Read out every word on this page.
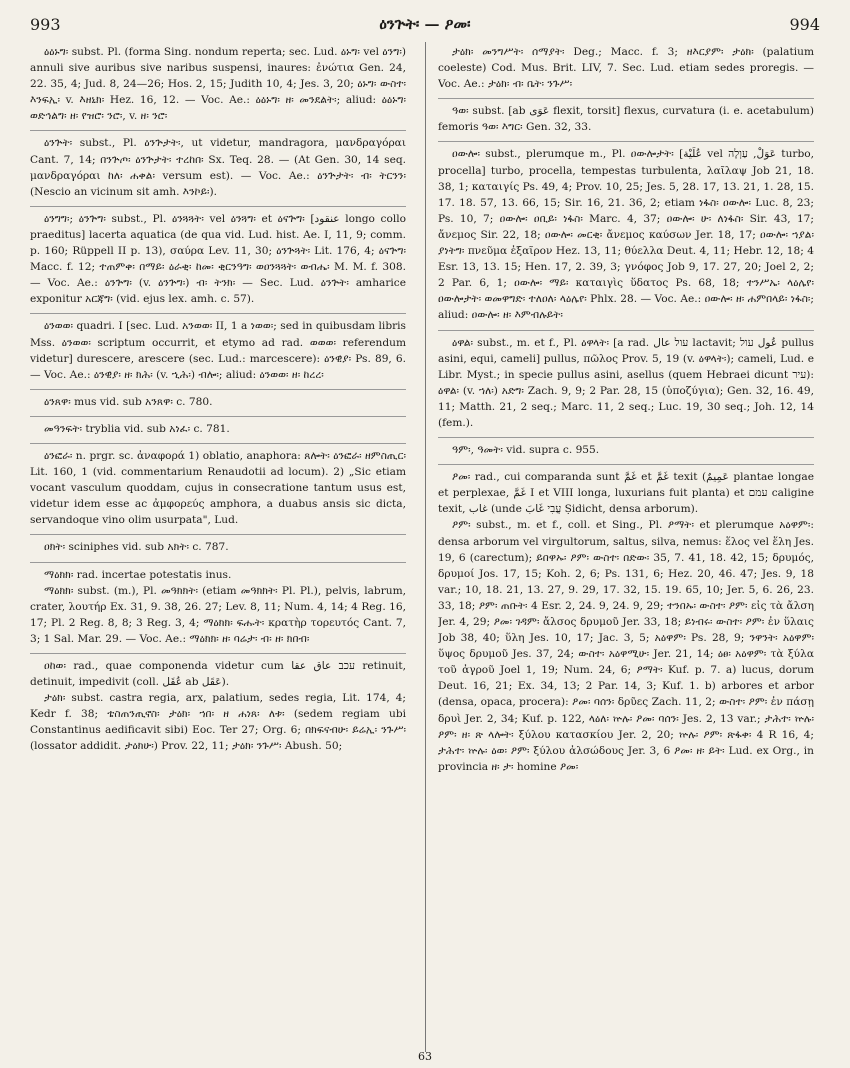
993	ዕንጕት፡ — ዖመ፡	994

ዕዕኑግ፡ subst. Pl. (forma Sing. nondum reperta; sec. Lud. ዕኑግ፡ vel ዕንግ፡) annuli sive auribus sive naribus suspensi, inaures: ἐνώτια Gen. 24, 22. 35, 4; Jud. 8, 24—26; Hos. 2, 15; Judith 10, 4; Jes. 3, 20; ዕኑግ፡ ውስተ፡ እንፍኢ፡ v. እዘኒክ፡ Hez. 16, 12. — Voc. Ae.: ዕዕኑግ፡ ዘ፡ መንደልት፡; aliud: ዕዕኑግ፡ ወድኅልግ፡ ዘ፡ የዝሮ፡ ንሮ፡, v. ዘ፡ ንሮ፡

ዕንጕት፡ subst., Pl. ዕንጕታት፡, ut videtur, mandragora, μανδραγόραι Cant. 7, 14; በንጕጦ፡ ዕንጕታት፡ ተረከበ፡ Sx. Teq. 28. — (At Gen. 30, 14 seq. μανδραγόραι ከለ፡ ሐቀል፡ versum est). — Voc. Ae.: ዕንጕታት፡ ብ፡ ትርንን፡ (Nescio an vicinum sit amh. እንኮይ፡).

ዕንግግ፡; ዕንጕግ፡ subst., Pl. ዕንጓጓት፡ vel ዕንጓግ፡ et ዕናጕግ፡ [عنقود longo collo praeditus] lacerta aquatica (de qua vid. Lud. hist. Ae. I, 11, 9; comm. p. 160; Rüppell II p. 13), σαύρα Lev. 11, 30; ዕንጕጓት፡ Lit. 176, 4; ዕናጕግ፡ Macc. f. 12; ተጠምቀ፡ በማይ፡ ዕራቂ፡ ከመ፡ ቂርንዓግ፡ ወዐንጓጓት፡ ወብሔ፡ M. M. f. 308. — Voc. Ae.: ዕንጕግ፡ (v. ዕንጕግ፡) ብ፡ ትንክ፡ — Sec. Lud. ዕንጕት፡ amharice exponitur አርጃግ፡ (vid. ejus lex. amh. c. 57).

ዕንወወ፡ quadri. I [sec. Lud. አንወወ፡ II, 1 a ነወወ፡; sed in quibusdam libris Mss. ዕንወወ፡ scriptum occurrit, et etymo ad rad. ወወወ፡ referendum videtur] durescere, arescere (sec. Lud.: marcescere): ዕንዊያ፡ Ps. 89, 6. — Voc. Ae.: ዕንዊያ፡ ዘ፡ ክሕ፡ (v. ኂሕ፡) ብሎ፡; aliud: ዕንወወ፡ ዘ፡ ከረረ፡

ዕንጸዋ፡ mus vid. sub አንጸዋ፡ c. 780.

መዓንፍት፡ tryblia vid. sub አነፈ፡ c. 781.

ዕንፎራ፡ n. prgr. sc. ἀναφορά 1) oblatio, anaphora: ጸሎት፡ ዕንፎራ፡ ዘምስጢር፡ Lit. 160, 1 (vid. commentarium Renaudotii ad locum). 2) „Sic etiam vocant vasculum quoddam, cujus in consecratione tantum usus est, videtur idem esse ac ἀμφορεύς amphora, a duabus ansis sic dicta, servandoque vino olim usurpata", Lud.

ዐክት፡ sciniphes vid. sub አክት፡ c. 787.

ማዕክክ፡ rad. incertae potestatis inus.

ማዕክክ፡ subst. (m.), Pl. መዓክክት፡ (etiam መዓክክት፡ Pl. Pl.), pelvis, labrum, crater, λουτήρ Ex. 31, 9. 38, 26. 27; Lev. 8, 11; Num. 4, 14; 4 Reg. 16, 17; Pl. 2 Reg. 8, 8; 3 Reg. 3, 4; ማዕክክ፡ ፍሑት፡ κρατὴρ τορευτός Cant. 7, 3; 1 Sal. Mar. 29. — Voc. Ae.: ማዕክክ፡ ዘ፡ ባሬታ፡ ብ፡ ዘ፡ ክበብ፡

ዐከወ፡ rad., quae componenda videtur cum עכב عاق عقا retinuit, detinuit, impedivit (coll. عُقَل ab عَقَل).

ታዕክ፡ subst. castra regia, arx, palatium, sedes regia, Lit. 174, 4; Kedr f. 38; ቴስጠንጢኖስ፡ ታዕክ፡ ኀበ፡ ዘ ሐነጸ፡ ለቱ፡ (sedem regiam ubi Constantinus aedificavit sibi) Eoc. Ter 27; Org. 6; በክፍናብሁ፡ ይሬኢ፡ ንጉሥ፡ (lossator addidit. ታዕክሁ፡) Prov. 22, 11; ታዕክ፡ ንጉሥ፡ Abush. 50;

ታዕክ፡ መንግሥት፡ ሰማያት፡ Deg.; Macc. f. 3; ዘእርያም፡ ታዕክ፡ (palatium coeleste) Cod. Mus. Brit. LIV, 7. Sec. Lud. etiam sedes proregis. — Voc. Ae.: ታዕክ፡ ብ፡ ቤት፡ ንጉሥ፡

ዓወ፡ subst. [ab عَوَى flexit, torsit] flexus, curvatura (i. e. acetabulum) femoris ዓወ፡ እግር፡ Gen. 32, 33.

ዐውሎ፡ subst., plerumque m., Pl. ዐውሎታት፡ [عُلَيْة vel عَوَلْ, עַוְלָה turbo, procella] turbo, procella, tempestas turbulenta, λαῖλαψ Job 21, 18. 38, 1; καταιγίς Ps. 49, 4; Prov. 10, 25; Jes. 5, 28. 17, 13. 21, 1. 28, 15. 17. 18. 57, 13. 66, 15; Sir. 16, 21. 36, 2; etiam ነፋስ፡ ዐውሎ፡ Luc. 8, 23; Ps. 10, 7; ዐውሎ፡ ዐቢይ፡ ነፋስ፡ Marc. 4, 37; ዐውሎ፡ ሁ፡ ለነፋስ፡ Sir. 43, 17; ἄνεμος Sir. 22, 18; ዐውሎ፡ መርቂ፡ ἄνεμος καύσων Jer. 18, 17; ዐውሎ፡ ኀያል፡ ያነትግ፡ πνεῦμα ἐξαῖρον Hez. 13, 11; θύελλα Deut. 4, 11; Hebr. 12, 18; 4 Esr. 13, 13. 15; Hen. 17, 2. 39, 3; γνόφος Job 9, 17. 27, 20; Joel 2, 2; 2 Par. 6, 1; ዐውሎ፡ ማይ፡ καταιγὶς ὕδατος Ps. 68, 18; ተንሥኤ፡ ላዕሌየ፡ ዐውሎታት፡ ወመዋግድ፡ ተለዐለ፡ ላዕሌየ፡ Phlx. 28. — Voc. Ae.: ዐውሎ፡ ዘ፡ ሐምበላይ፡ ነፋስ፡; aliud: ዐውሎ፡ ዘ፡ እምብሉይት፡

ዕዋል፡ subst., m. et f., Pl. ዕዋላት፡ [a rad. עול عال lactavit; عُول עול pullus asini, equi, cameli] pullus, πῶλος Prov. 5, 19 (v. ዕዋላት፡); cameli, Lud. e Libr. Myst.; in specie pullus asini, asellus (quem Hebraei dicunt עיר): ዕዋል፡ (v. ኀለ፡) አድግ፡ Zach. 9, 9; 2 Par. 28, 15 (ὑποζύγια); Gen. 32, 16. 49, 11; Matth. 21, 2 seq.; Marc. 11, 2 seq.; Luc. 19, 30 seq.; Joh. 12, 14 (fem.).

ዓም፡, ዓመት፡ vid. supra c. 955.

ዖመ፡ rad., cui comparanda sunt غَمَّ et غَمَّ texit (عَمِيمٌ plantae longae et perplexae, غَمَّ I et VIII longa, luxurians fuit planta) et עמם caligine texit, غاب (unde עֲבִי غَابَ Ṣidicht, densa arborum).

ዖም፡ subst., m. et f., coll. et Sing., Pl. ዖማት፡ et plerumque አዕዋም፡: densa arborum vel virgultorum, saltus, silva, nemus: ἕλος vel ἕλη Jes. 19, 6 (carectum); ይበዋኡ፡ ዖም፡ ውስተ፡ በድው፡ 35, 7. 41, 18. 42, 15; δρυμός, δρυμοί Jos. 17, 15; Koh. 2, 6; Ps. 131, 6; Hez. 20, 46. 47; Jes. 9, 18 var.; 10, 18. 21, 13. 27, 9. 29, 17. 32, 15. 19. 65, 10; Jer. 5, 6. 26, 23. 33, 18; ዖም፡ ጠቡት፡ 4 Esr. 2, 24. 9, 24. 9, 29; ተንበኡ፡ ውስተ፡ ዖም፡ εἰς τὰ ἄλση Jer. 4, 29; ዖመ፡ ገዳም፡ ἄλσος δρυμοῦ Jer. 33, 18; ይነብሩ፡ ውስተ፡ ዖም፡ ἐν ὕλαις Job 38, 40; ὕλη Jes. 10, 17; Jac. 3, 5; አዕዋም፡ Ps. 28, 9; ንዋንት፡ አዕዋም፡ ὕψος δρυμοῦ Jes. 37, 24; ውስተ፡ አዕዋሚሁ፡ Jer. 21, 14; ዕፀ፡ አዕዋም፡ τὰ ξύλα τοῦ ἀγροῦ Joel 1, 19; Num. 24, 6; ዖማት፡ Kuf. p. 7. a) lucus, dorum Deut. 16, 21; Ex. 34, 13; 2 Par. 14, 3; Kuf. 1. b) arbores et arbor (densa, opaca, procera): ዖመ፡ ባሰን፡ δρῦες Zach. 11, 2; ውስተ፡ ዖም፡ ἐν πάσῃ δρυὶ Jer. 2, 34; Kuf. p. 122, ላዕለ፡ ኵሉ፡ ዖመ፡ ባሰን፡ Jes. 2, 13 var.; ታሕተ፡ ኵሉ፡ ዖም፡ ዘ፡ ጽ ላሎት፡ ξύλου κατασκίου Jer. 2, 20; ኵሉ፡ ዖም፡ ጽፋቀ፡ 4 R 16, 4; ታሕተ፡ ኵሉ፡ ዕወ፡ ዖም፡ ξύλου ἀλσώδους Jer. 3, 6 ዖመ፡ ዘ፡ ይት፡ Lud. ex Org., in provincia ዘ፡ ታ፡ homine ዖመ፡

63
